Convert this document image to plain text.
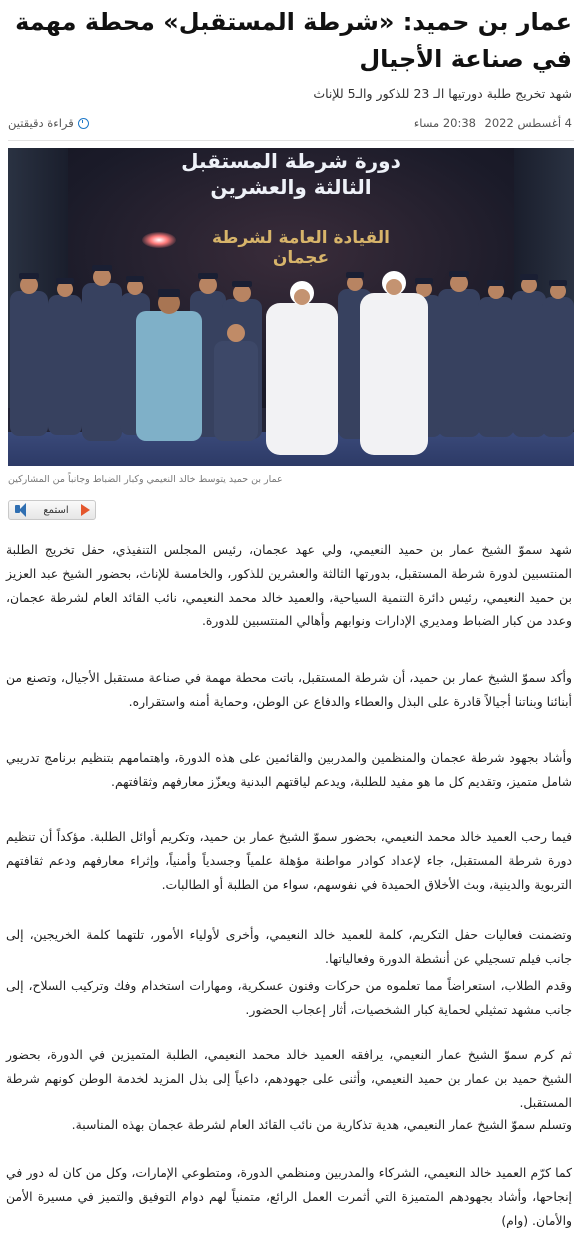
عمار بن حميد: «شرطة المستقبل» محطة مهمة في صناعة الأجيال
شهد تخريج طلبة دورتيها الـ 23 للذكور والـ5 للإناث
4 أغسطس 2022
20:38 مساء
قراءة دقيقتين
دورة شرطة المستقبل
الثالثة والعشرين
القيادة العامة لشرطة عجمان
عمار بن حميد يتوسط خالد النعيمي وكبار الضباط وجانباً من المشاركين
استمع

شهد سموّ الشيخ عمار بن حميد النعيمي، ولي عهد عجمان، رئيس المجلس التنفيذي، حفل تخريج الطلبة المنتسبين لدورة شرطة المستقبل، بدورتها الثالثة والعشرين للذكور، والخامسة للإناث، بحضور الشيخ عبد العزيز بن حميد النعيمي، رئيس دائرة التنمية السياحية، والعميد خالد محمد النعيمي، نائب القائد العام لشرطة عجمان، وعدد من كبار الضباط ومديري الإدارات ونوابهم وأهالي المنتسبين للدورة.

وأكد سموّ الشيخ عمار بن حميد، أن شرطة المستقبل، باتت محطة مهمة في صناعة مستقبل الأجيال، وتصنع من أبنائنا وبناتنا أجيالاً قادرة على البذل والعطاء والدفاع عن الوطن، وحماية أمنه واستقراره.

وأشاد بجهود شرطة عجمان والمنظمين والمدربين والقائمين على هذه الدورة، واهتمامهم بتنظيم برنامج تدريبي شامل متميز، وتقديم كل ما هو مفيد للطلبة، ويدعم لياقتهم البدنية ويعزّز معارفهم وثقافتهم.

فيما رحب العميد خالد محمد النعيمي، بحضور سموّ الشيخ عمار بن حميد، وتكريم أوائل الطلبة. مؤكداً أن تنظيم دورة شرطة المستقبل، جاء لإعداد كوادر مواطنة مؤهلة علمياً وجسدياً وأمنياً، وإثراء معارفهم ودعم ثقافتهم التربوية والدينية، وبث الأخلاق الحميدة في نفوسهم، سواء من الطلبة أو الطالبات.

وتضمنت فعاليات حفل التكريم، كلمة للعميد خالد النعيمي، وأخرى لأولياء الأمور، تلتهما كلمة الخريجين، إلى جانب فيلم تسجيلي عن أنشطة الدورة وفعالياتها.

وقدم الطلاب، استعراضاً مما تعلموه من حركات وفنون عسكرية، ومهارات استخدام وفك وتركيب السلاح، إلى جانب مشهد تمثيلي لحماية كبار الشخصيات، أثار إعجاب الحضور.

ثم كرم سموّ الشيخ عمار النعيمي، يرافقه العميد خالد محمد النعيمي، الطلبة المتميزين في الدورة، بحضور الشيخ حميد بن عمار بن حميد النعيمي، وأثنى على جهودهم، داعياً إلى بذل المزيد لخدمة الوطن كونهم شرطة المستقبل.

وتسلم سموّ الشيخ عمار النعيمي، هدية تذكارية من نائب القائد العام لشرطة عجمان بهذه المناسبة.

كما كرّم العميد خالد النعيمي، الشركاء والمدربين ومنظمي الدورة، ومتطوعي الإمارات، وكل من كان له دور في إنجاحها، وأشاد بجهودهم المتميزة التي أثمرت العمل الرائع، متمنياً لهم دوام التوفيق والتميز في مسيرة الأمن والأمان. (وام)
